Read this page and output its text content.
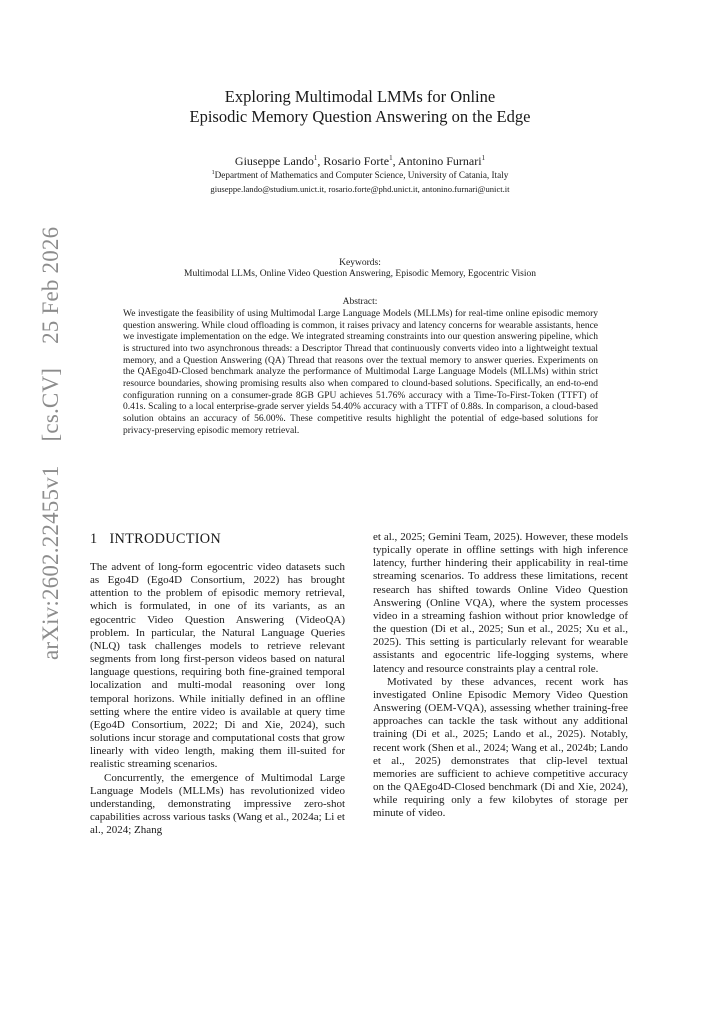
arXiv:2602.22455v1 [cs.CV] 25 Feb 2026
Exploring Multimodal LMMs for Online
Episodic Memory Question Answering on the Edge
Giuseppe Lando$^1$, Rosario Forte$^1$, Antonino Furnari$^1$
$^1$Department of Mathematics and Computer Science, University of Catania, Italy
giuseppe.lando@studium.unict.it, rosario.forte@phd.unict.it, antonino.furnari@unict.it
Keywords:
Multimodal LLMs, Online Video Question Answering, Episodic Memory, Egocentric Vision
Abstract:

We investigate the feasibility of using Multimodal Large Language Models (MLLMs) for real-time online episodic memory question answering. While cloud offloading is common, it raises privacy and latency concerns for wearable assistants, hence we investigate implementation on the edge. We integrated streaming constraints into our question answering pipeline, which is structured into two asynchronous threads: a Descriptor Thread that continuously converts video into a lightweight textual memory, and a Question Answering (QA) Thread that reasons over the textual memory to answer queries. Experiments on the QAEgo4D-Closed benchmark analyze the performance of Multimodal Large Language Models (MLLMs) within strict resource boundaries, showing promising results also when compared to clound-based solutions. Specifically, an end-to-end configuration running on a consumer-grade 8GB GPU achieves 51.76% accuracy with a Time-To-First-Token (TTFT) of 0.41s. Scaling to a local enterprise-grade server yields 54.40% accuracy with a TTFT of 0.88s. In comparison, a cloud-based solution obtains an accuracy of 56.00%. These competitive results highlight the potential of edge-based solutions for privacy-preserving episodic memory retrieval.

1 INTRODUCTION

The advent of long-form egocentric video datasets such as Ego4D (Ego4D Consortium, 2022) has brought attention to the problem of episodic memory retrieval, which is formulated, in one of its variants, as an egocentric Video Question Answering (VideoQA) problem. In particular, the Natural Language Queries (NLQ) task challenges models to retrieve relevant segments from long first-person videos based on natural language questions, requiring both fine-grained temporal localization and multi-modal reasoning over long temporal horizons. While initially defined in an offline setting where the entire video is available at query time (Ego4D Consortium, 2022; Di and Xie, 2024), such solutions incur storage and computational costs that grow linearly with video length, making them ill-suited for realistic streaming scenarios.

Concurrently, the emergence of Multimodal Large Language Models (MLLMs) has revolutionized video understanding, demonstrating impressive zero-shot capabilities across various tasks (Wang et al., 2024a; Li et al., 2024; Zhang

et al., 2025; Gemini Team, 2025). However, these models typically operate in offline settings with high inference latency, further hindering their applicability in real-time streaming scenarios. To address these limitations, recent research has shifted towards Online Video Question Answering (Online VQA), where the system processes video in a streaming fashion without prior knowledge of the question (Di et al., 2025; Sun et al., 2025; Xu et al., 2025). This setting is particularly relevant for wearable assistants and egocentric life-logging systems, where latency and resource constraints play a central role.

Motivated by these advances, recent work has investigated Online Episodic Memory Video Question Answering (OEM-VQA), assessing whether training-free approaches can tackle the task without any additional training (Di et al., 2025; Lando et al., 2025). Notably, recent work (Shen et al., 2024; Wang et al., 2024b; Lando et al., 2025) demonstrates that clip-level textual memories are sufficient to achieve competitive accuracy on the QAEgo4D-Closed benchmark (Di and Xie, 2024), while requiring only a few kilobytes of storage per minute of video.
